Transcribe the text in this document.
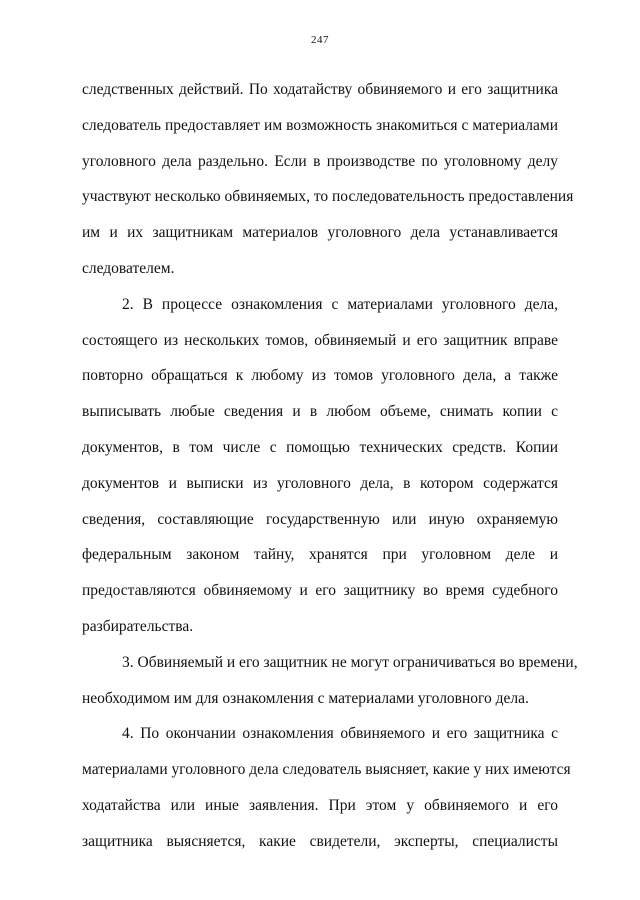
247
следственных действий. По ходатайству обвиняемого и его защитника
следователь предоставляет им возможность знакомиться с материалами
уголовного дела раздельно. Если в производстве по уголовному делу
участвуют несколько обвиняемых, то последовательность предоставления
им и их защитникам материалов уголовного дела устанавливается
следователем.
2. В процессе ознакомления с материалами уголовного дела,
состоящего из нескольких томов, обвиняемый и его защитник вправе
повторно обращаться к любому из томов уголовного дела, а также
выписывать любые сведения и в любом объеме, снимать копии с
документов, в том числе с помощью технических средств. Копии
документов и выписки из уголовного дела, в котором содержатся
сведения, составляющие государственную или иную охраняемую
федеральным законом тайну, хранятся при уголовном деле и
предоставляются обвиняемому и его защитнику во время судебного
разбирательства.
3. Обвиняемый и его защитник не могут ограничиваться во времени,
необходимом им для ознакомления с материалами уголовного дела.
4. По окончании ознакомления обвиняемого и его защитника с
материалами уголовного дела следователь выясняет, какие у них имеются
ходатайства или иные заявления. При этом у обвиняемого и его
защитника выясняется, какие свидетели, эксперты, специалисты
